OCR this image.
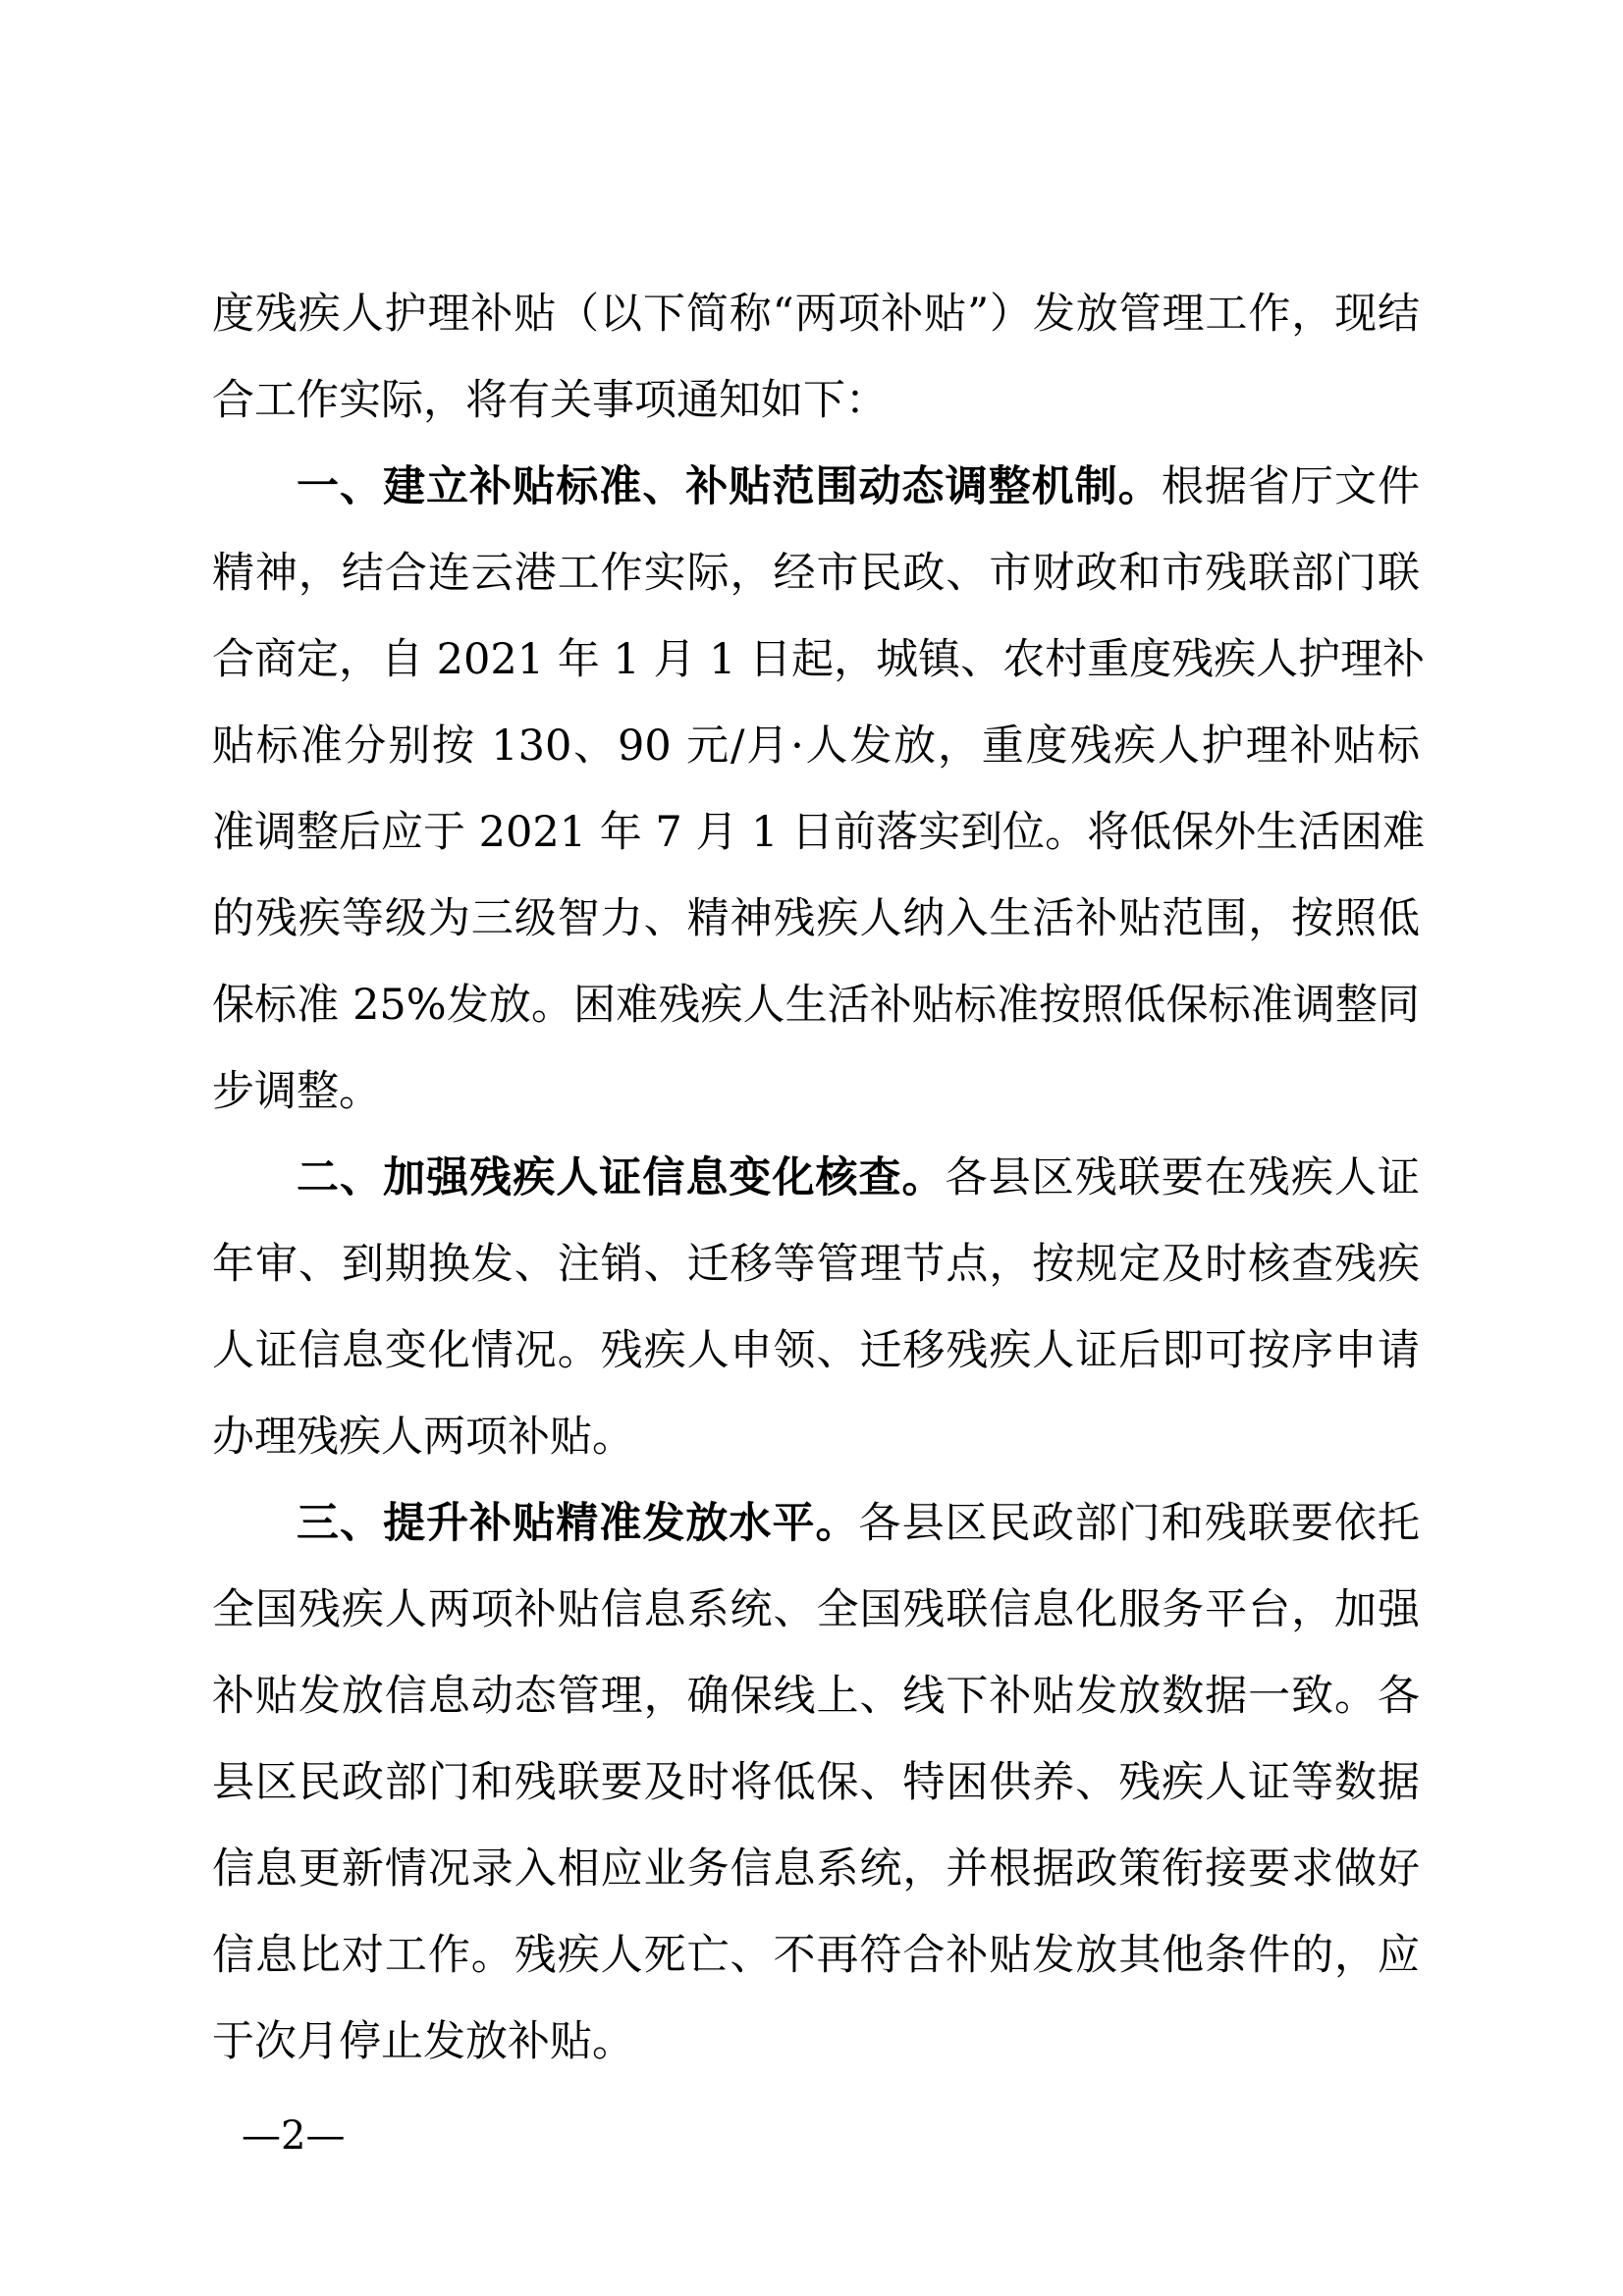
度残疾人护理补贴（以下简称“两项补贴”）发放管理工作，现结
合工作实际，将有关事项通知如下：
一、建立补贴标准、补贴范围动态调整机制。根据省厅文件
精神，结合连云港工作实际，经市民政、市财政和市残联部门联
合商定，自 2021 年 1 月 1 日起，城镇、农村重度残疾人护理补
贴标准分别按 130、90 元/月·人发放，重度残疾人护理补贴标
准调整后应于 2021 年 7 月 1 日前落实到位。将低保外生活困难
的残疾等级为三级智力、精神残疾人纳入生活补贴范围，按照低
保标准 25%发放。困难残疾人生活补贴标准按照低保标准调整同
步调整。
二、加强残疾人证信息变化核查。各县区残联要在残疾人证
年审、到期换发、注销、迁移等管理节点，按规定及时核查残疾
人证信息变化情况。残疾人申领、迁移残疾人证后即可按序申请
办理残疾人两项补贴。
三、提升补贴精准发放水平。各县区民政部门和残联要依托
全国残疾人两项补贴信息系统、全国残联信息化服务平台，加强
补贴发放信息动态管理，确保线上、线下补贴发放数据一致。各
县区民政部门和残联要及时将低保、特困供养、残疾人证等数据
信息更新情况录入相应业务信息系统，并根据政策衔接要求做好
信息比对工作。残疾人死亡、不再符合补贴发放其他条件的，应
于次月停止发放补贴。
—2—
